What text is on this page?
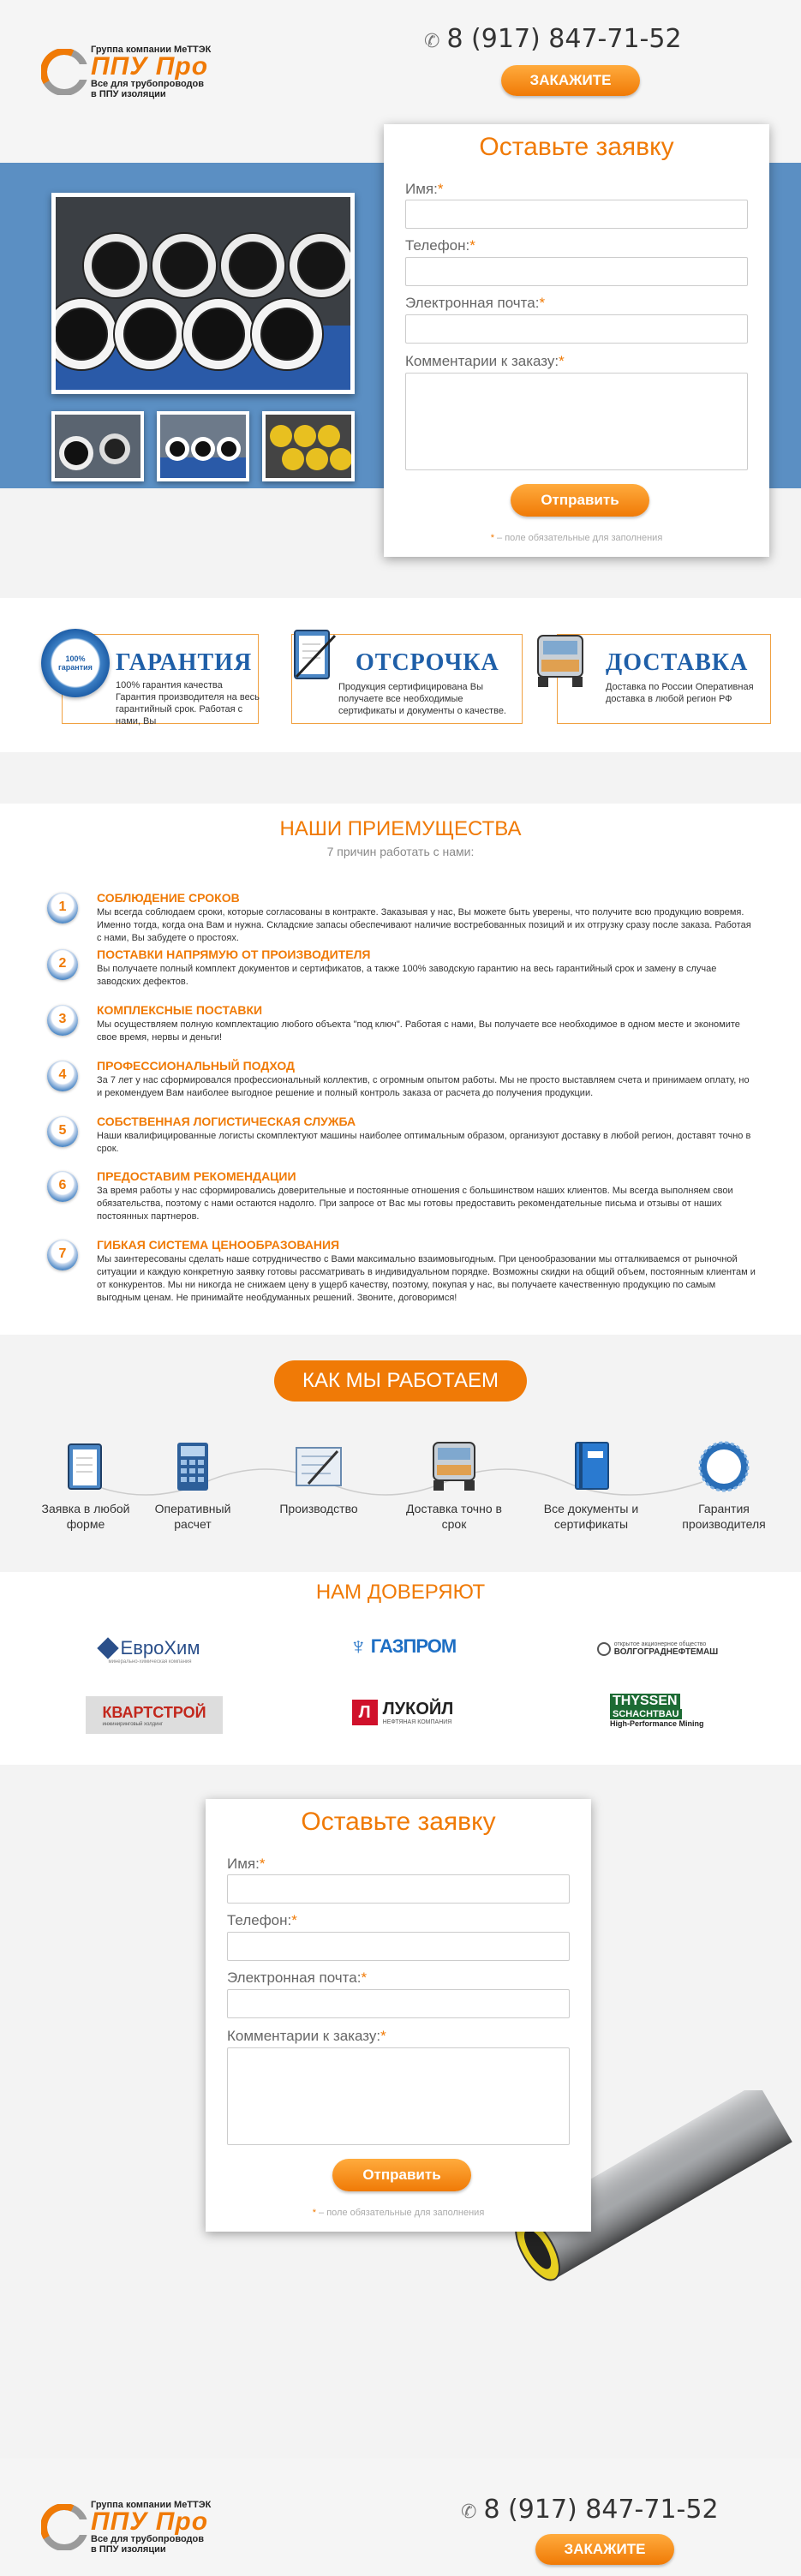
Группа компании МеТТЭК
ППУ Про
Все для трубопроводов
в ППУ изоляции
✆ 8 (917) 847-71-52
ЗАКАЖИТЕ
Оставьте заявку
Имя:*
Телефон:*
Электронная почта:*
Комментарии к заказу:*
Отправить
* – поле обязательные для заполнения
100% гарантия ГАРАНТИЯ
100% гарантия качества Гарантия производителя на весь гарантийный срок. Работая с нами, Вы
ОТСРОЧКА
Продукция сертифицирована Вы получаете все необходимые сертификаты и документы о качестве.
ДОСТАВКА
Доставка по России Оперативная доставка в любой регион РФ
НАШИ ПРИЕМУЩЕСТВА
7 причин работать с нами:
1
СОБЛЮДЕНИЕ СРОКОВ
Мы всегда соблюдаем сроки, которые согласованы в контракте. Заказывая у нас, Вы можете быть уверены, что получите всю продукцию вовремя. Именно тогда, когда она Вам и нужна. Складские запасы обеспечивают наличие востребованных позиций и их отгрузку сразу после заказа. Работая с нами, Вы забудете о простоях.
2
ПОСТАВКИ НАПРЯМУЮ ОТ ПРОИЗВОДИТЕЛЯ
Вы получаете полный комплект документов и сертификатов, а также 100% заводскую гарантию на весь гарантийный срок и замену в случае заводских дефектов.
3
КОМПЛЕКСНЫЕ ПОСТАВКИ
Мы осуществляем полную комплектацию любого объекта "под ключ". Работая с нами, Вы получаете все необходимое в одном месте и экономите свое время, нервы и деньги!
4
ПРОФЕССИОНАЛЬНЫЙ ПОДХОД
За 7 лет у нас сформировался профессиональный коллектив, с огромным опытом работы. Мы не просто выставляем счета и принимаем оплату, но и рекомендуем Вам наиболее выгодное решение и полный контроль заказа от расчета до получения продукции.
5
СОБСТВЕННАЯ ЛОГИСТИЧЕСКАЯ СЛУЖБА
Наши квалифицированные логисты скомплектуют машины наиболее оптимальным образом, организуют доставку в любой регион, доставят точно в срок.
6
ПРЕДОСТАВИМ РЕКОМЕНДАЦИИ
За время работы у нас сформировались доверительные и постоянные отношения с большинством наших клиентов. Мы всегда выполняем свои обязательства, поэтому с нами остаются надолго. При запросе от Вас мы готовы предоставить рекомендательные письма и отзывы от наших постоянных партнеров.
7
ГИБКАЯ СИСТЕМА ЦЕНООБРАЗОВАНИЯ
Мы заинтересованы сделать наше сотрудничество с Вами максимально взаимовыгодным. При ценообразовании мы отталкиваемся от рыночной ситуации и каждую конкретную заявку готовы рассматривать в индивидуальном порядке. Возможны скидки на общий объем, постоянным клиентам и от конкурентов. Мы ни никогда не снижаем цену в ущерб качеству, поэтому, покупая у нас, вы получаете качественную продукцию по самым выгодным ценам. Не принимайте необдуманных решений. Звоните, договоримся!
КАК МЫ РАБОТАЕМ
Заявка в любой форме
Оперативный расчет
Производство	Доставка точно в срок
Все документы и сертификаты
Гарантия производителя
НАМ ДОВЕРЯЮТ
ЕвроХим
минерально-химическая компания
♆ ГАЗПРОМ	открытое акционерное общество
ВОЛГОГРАДНЕФТЕМАШ
КВАРТСТРОЙ
инжиниринговый холдинг
Л ЛУКОЙЛ
НЕФТЯНАЯ КОМПАНИЯ
THYSSEN
SCHACHTBAU
High-Performance Mining
Оставьте заявку
Имя:*
Телефон:*
Электронная почта:*
Комментарии к заказу:*
Отправить
* – поле обязательные для заполнения
Группа компании МеТТЭК
ППУ Про
Все для трубопроводов
в ППУ изоляции
✆ 8 (917) 847-71-52
ЗАКАЖИТЕ
